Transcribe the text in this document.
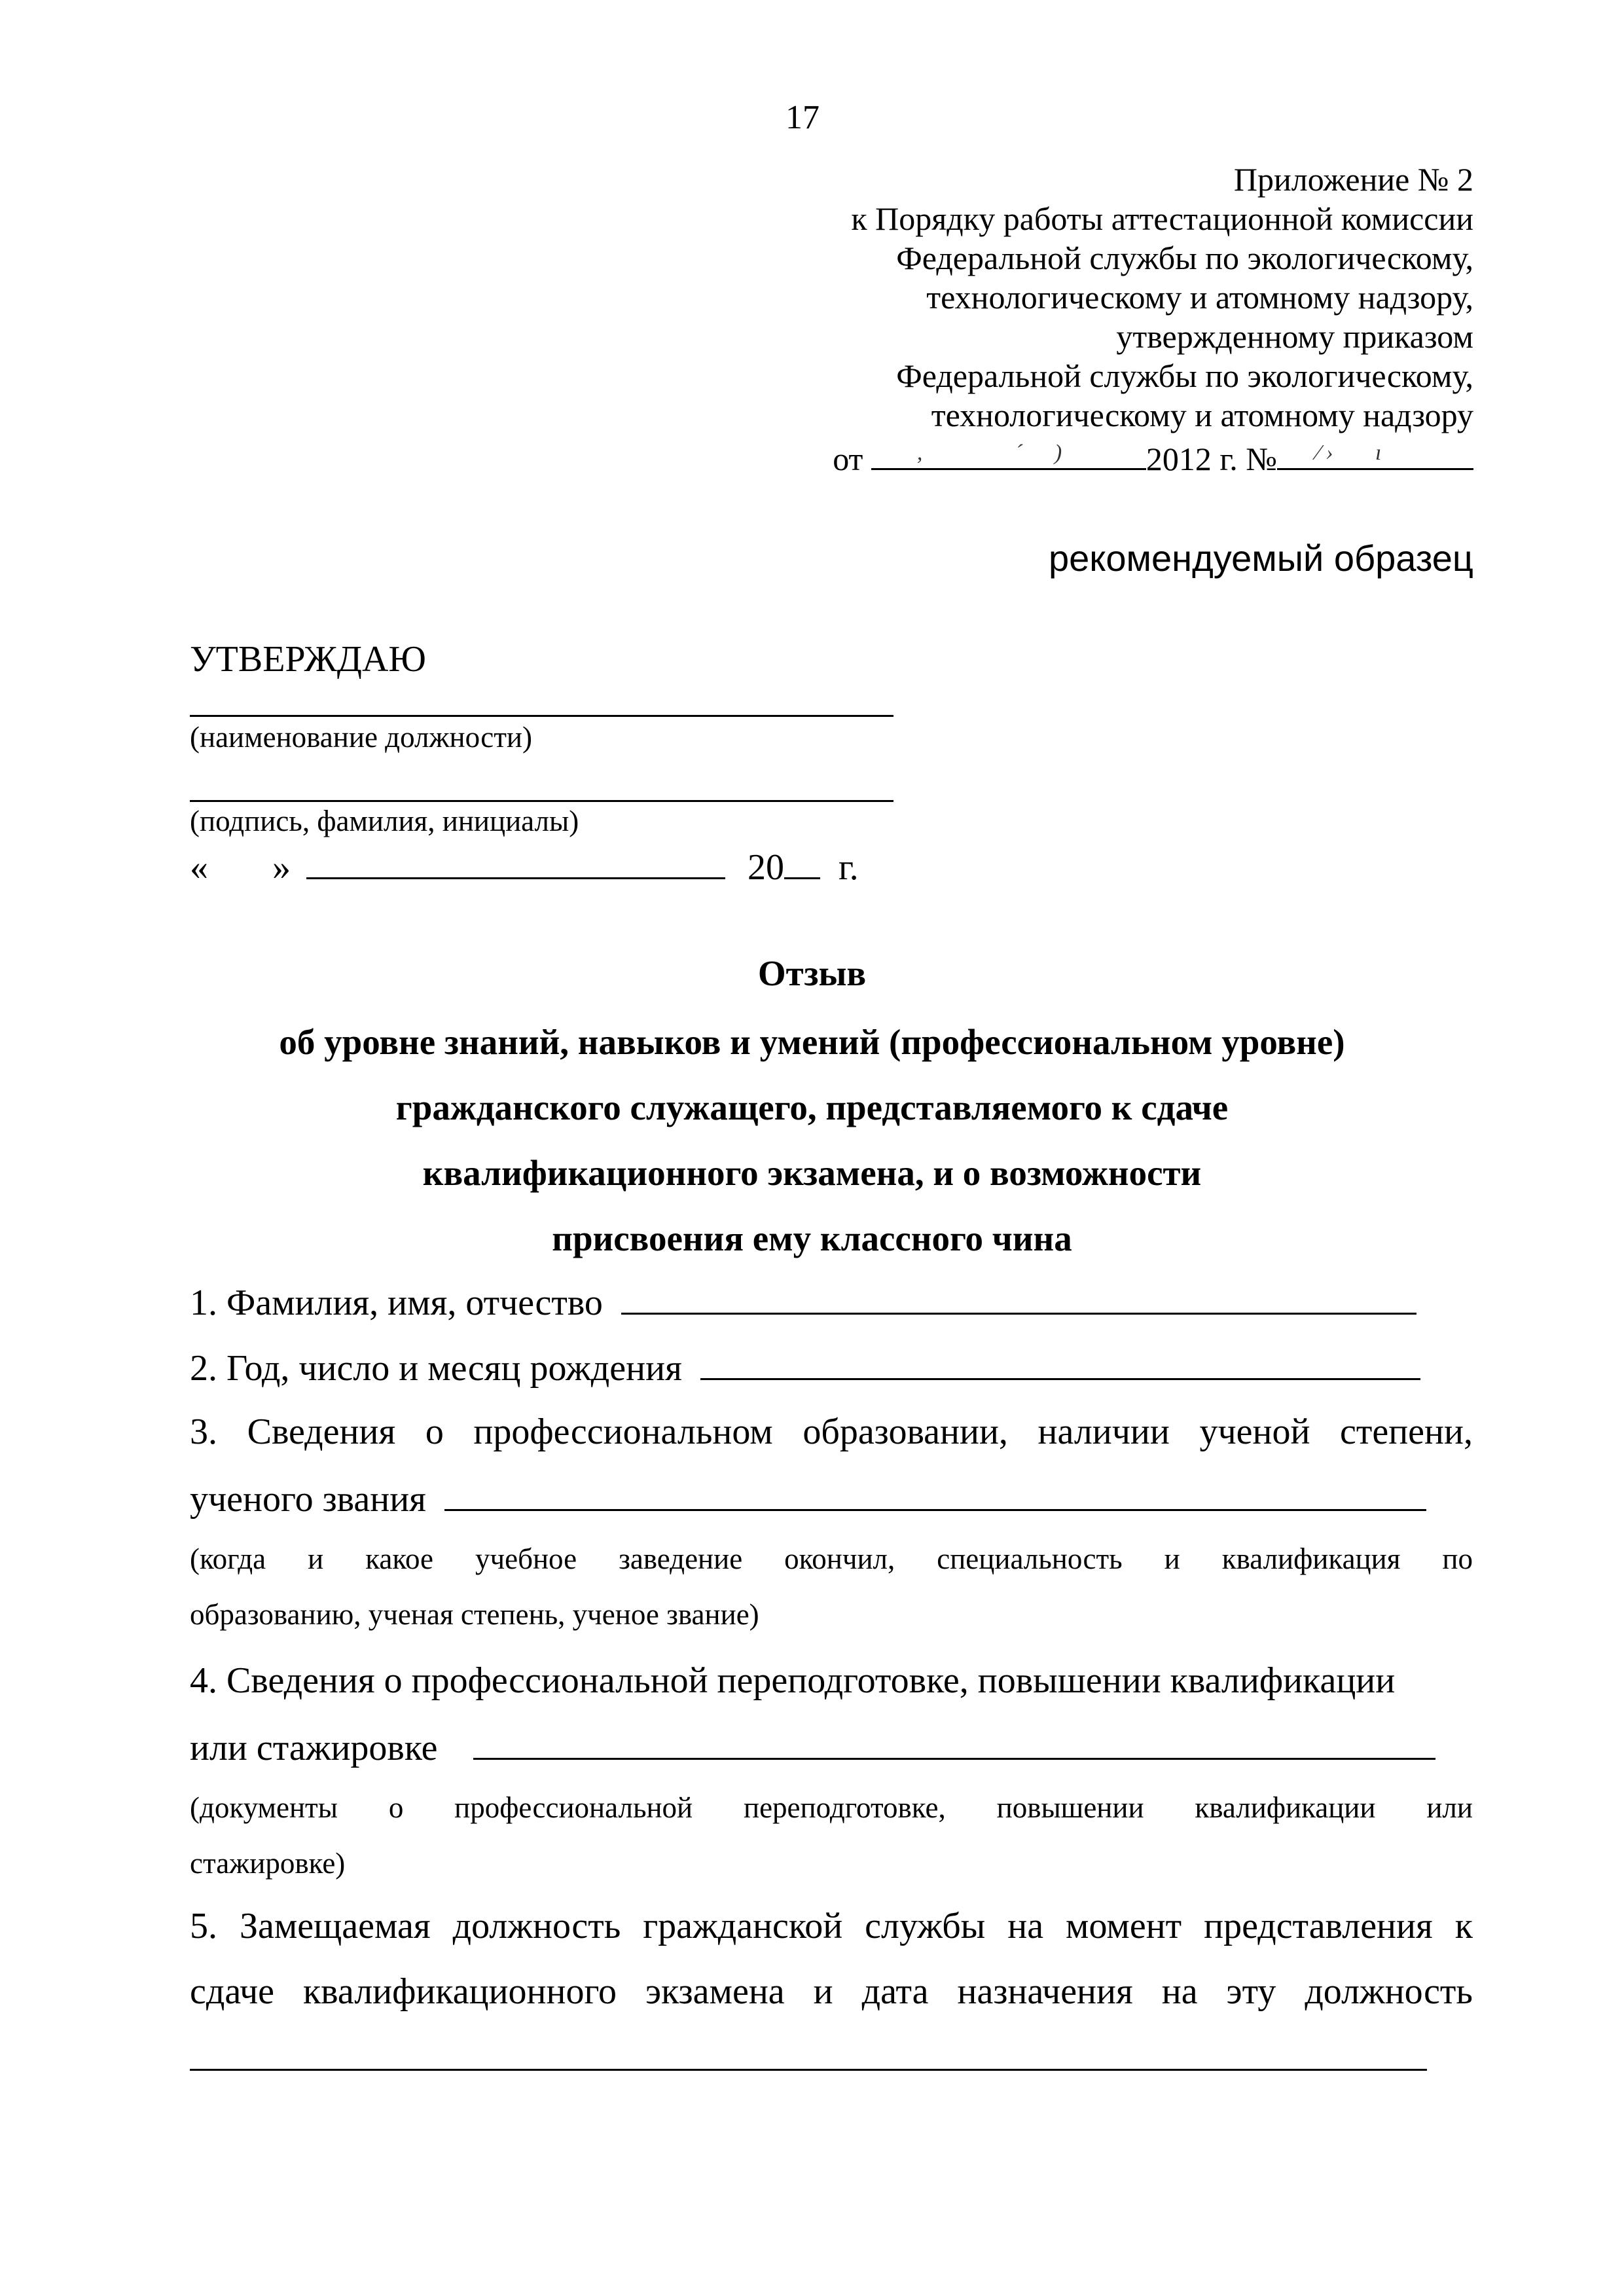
17
Приложение № 2
к Порядку работы аттестационной комиссии
Федеральной службы по экологическому,
технологическому и атомному надзору,
утвержденному приказом
Федеральной службы по экологическому,
технологическому и атомному надзору
от ,	´ )	2012 г. № ⁄ › ı
рекомендуемый образец
УТВЕРЖДАЮ
(наименование должности)
(подпись, фамилия, инициалы)
« »	20 г.
Отзыв
об уровне знаний, навыков и умений (профессиональном уровне)
гражданского служащего, представляемого к сдаче
квалификационного экзамена, и о возможности
присвоения ему классного чина
1. Фамилия, имя, отчество
2. Год, число и месяц рождения
3. Сведения о профессиональном образовании, наличии ученой степени,
ученого звания
(когда и какое учебное заведение окончил, специальность и квалификация по
образованию, ученая степень, ученое звание)
4. Сведения о профессиональной переподготовке, повышении квалификации
или стажировке
(документы о профессиональной переподготовке, повышении квалификации или
стажировке)
5. Замещаемая должность гражданской службы на момент представления к
сдаче квалификационного экзамена и дата назначения на эту должность
